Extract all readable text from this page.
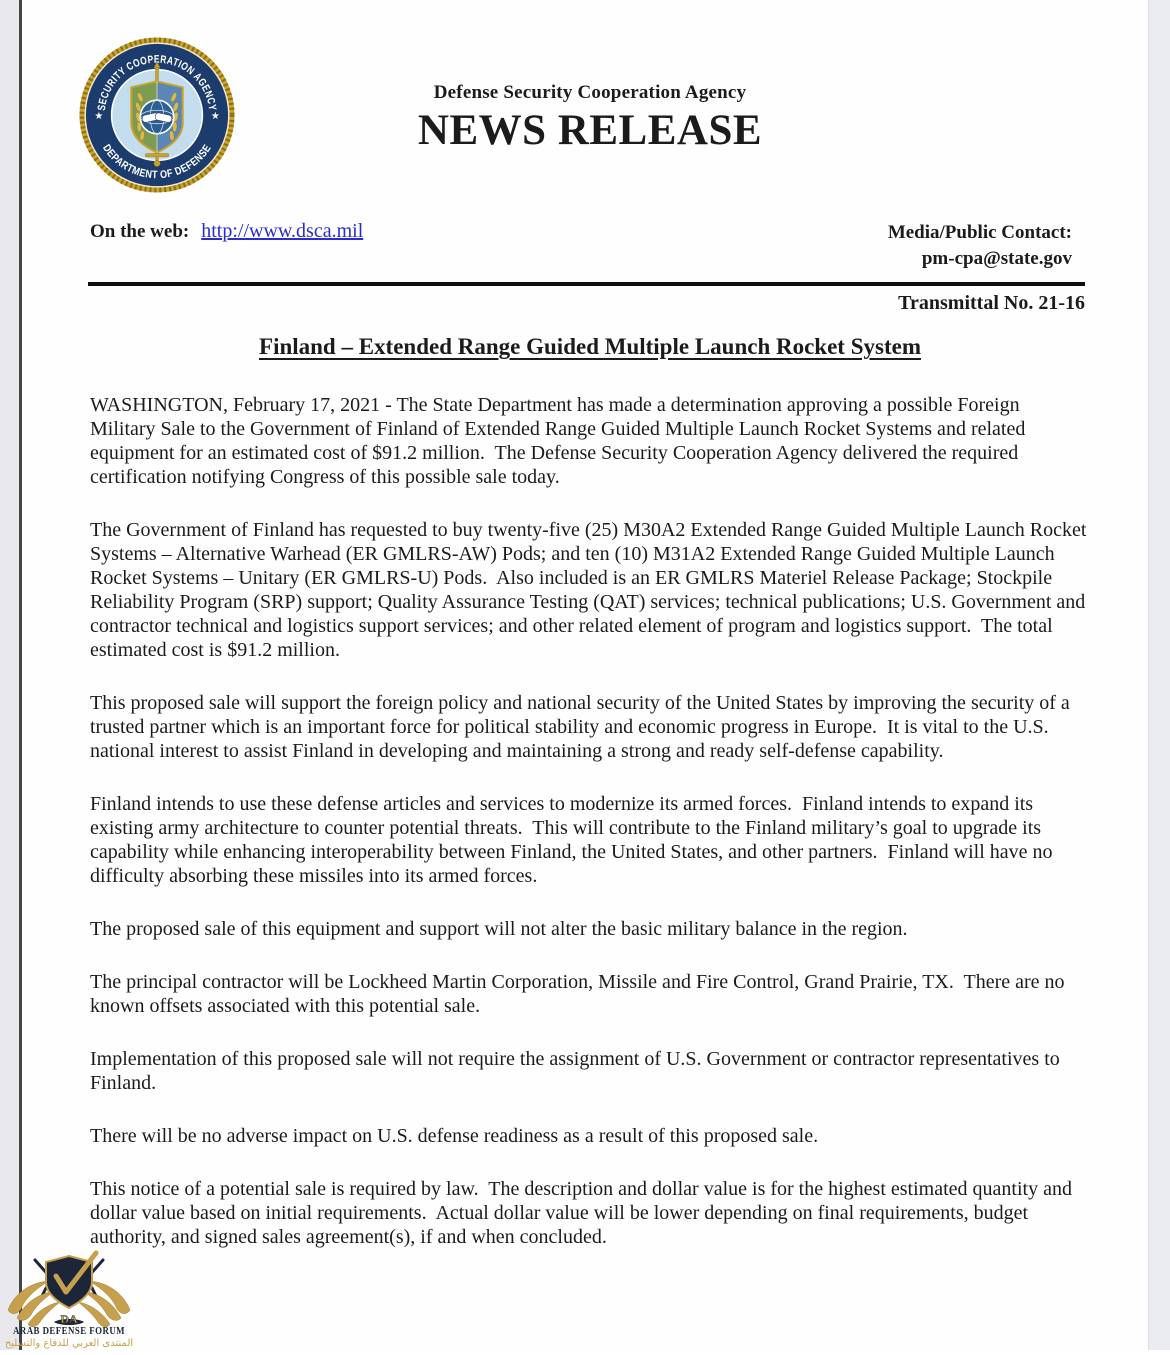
SECURITY COOPERATION AGENCY
DEPARTMENT OF DEFENSE
★	★
Defense Security Cooperation Agency
NEWS RELEASE
On the web: http://www.dsca.mil	Media/Public Contact:
pm-cpa@state.gov
Transmittal No. 21-16
Finland – Extended Range Guided Multiple Launch Rocket System

WASHINGTON, February 17, 2021 - The State Department has made a determination approving a possible Foreign Military Sale to the Government of Finland of Extended Range Guided Multiple Launch Rocket Systems and related equipment for an estimated cost of $91.2 million.  The Defense Security Cooperation Agency delivered the required certification notifying Congress of this possible sale today.

The Government of Finland has requested to buy twenty-five (25) M30A2 Extended Range Guided Multiple Launch Rocket Systems – Alternative Warhead (ER GMLRS-AW) Pods; and ten (10) M31A2 Extended Range Guided Multiple Launch Rocket Systems – Unitary (ER GMLRS-U) Pods.  Also included is an ER GMLRS Materiel Release Package; Stockpile Reliability Program (SRP) support; Quality Assurance Testing (QAT) services; technical publications; U.S. Government and contractor technical and logistics support services; and other related element of program and logistics support.  The total estimated cost is $91.2 million.

This proposed sale will support the foreign policy and national security of the United States by improving the security of a trusted partner which is an important force for political stability and economic progress in Europe.  It is vital to the U.S. national interest to assist Finland in developing and maintaining a strong and ready self-defense capability.

Finland intends to use these defense articles and services to modernize its armed forces.  Finland intends to expand its existing army architecture to counter potential threats.  This will contribute to the Finland military’s goal to upgrade its capability while enhancing interoperability between Finland, the United States, and other partners.  Finland will have no difficulty absorbing these missiles into its armed forces.

The proposed sale of this equipment and support will not alter the basic military balance in the region.

The principal contractor will be Lockheed Martin Corporation, Missile and Fire Control, Grand Prairie, TX.  There are no known offsets associated with this potential sale.

Implementation of this proposed sale will not require the assignment of U.S. Government or contractor representatives to Finland.

There will be no adverse impact on U.S. defense readiness as a result of this proposed sale.

This notice of a potential sale is required by law.  The description and dollar value is for the highest estimated quantity and dollar value based on initial requirements.  Actual dollar value will be lower depending on final requirements, budget authority, and signed sales agreement(s), if and when concluded.

DA
ARAB DEFENSE FORUM
المنتدى العربي للدفاع والتسليح
